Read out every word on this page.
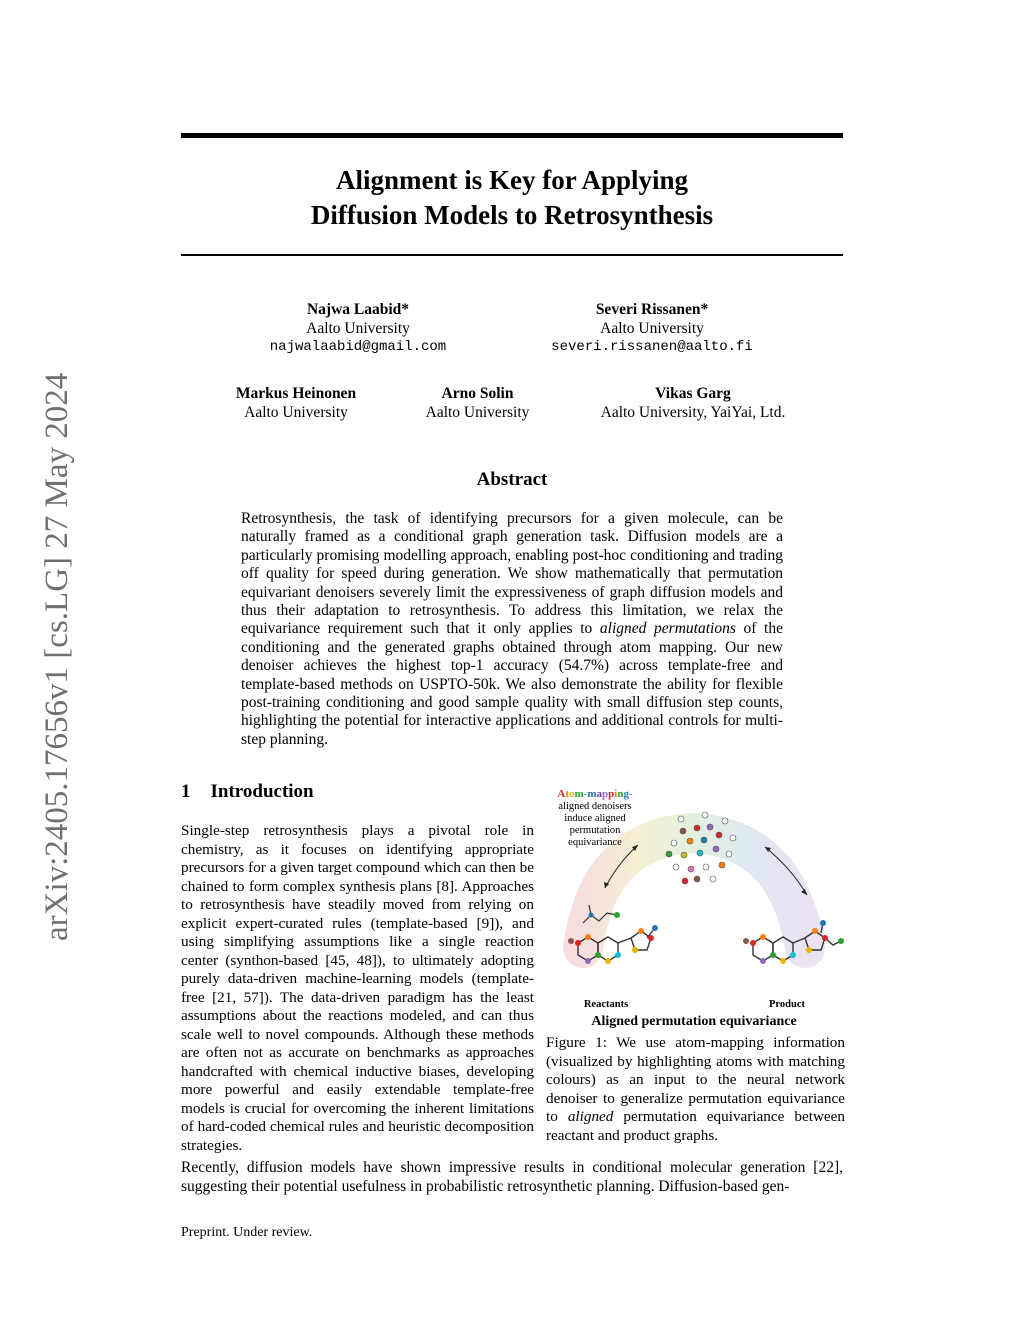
arXiv:2405.17656v1 [cs.LG] 27 May 2024
Alignment is Key for Applying
Diffusion Models to Retrosynthesis
Najwa Laabid*
Aalto University
najwalaabid@gmail.com
Severi Rissanen*
Aalto University
severi.rissanen@aalto.fi
Markus Heinonen
Aalto University
Arno Solin
Aalto University
Vikas Garg
Aalto University, YaiYai, Ltd.
Abstract
Retrosynthesis, the task of identifying precursors for a given molecule, can be naturally framed as a conditional graph generation task. Diffusion models are a particularly promising modelling approach, enabling post-hoc conditioning and trading off quality for speed during generation. We show mathematically that permutation equivariant denoisers severely limit the expressiveness of graph diffusion models and thus their adaptation to retrosynthesis. To address this limitation, we relax the equivariance requirement such that it only applies to aligned permutations of the conditioning and the generated graphs obtained through atom mapping. Our new denoiser achieves the highest top-1 accuracy (54.7%) across template-free and template-based methods on USPTO-50k. We also demonstrate the ability for flexible post-training conditioning and good sample quality with small diffusion step counts, highlighting the potential for interactive applications and additional controls for multi-step planning.
1 Introduction
Single-step retrosynthesis plays a pivotal role in chemistry, as it focuses on identifying appropriate precursors for a given target compound which can then be chained to form complex synthesis plans [8]. Approaches to retrosynthesis have steadily moved from relying on explicit expert-curated rules (template-based [9]), and using simplifying assumptions like a single reaction center (synthon-based [45, 48]), to ultimately adopting purely data-driven machine-learning models (template-free [21, 57]). The data-driven paradigm has the least assumptions about the reactions modeled, and can thus scale well to novel compounds. Although these methods are often not as accurate on benchmarks as approaches handcrafted with chemical inductive biases, developing more powerful and easily extendable template-free models is crucial for overcoming the inherent limitations of hard-coded chemical rules and heuristic decomposition strategies.
Atom-mapping-
aligned denoisers
induce aligned
permutation
equivariance
Reactants	Product
Aligned permutation equivariance
Figure 1: We use atom-mapping information (visualized by highlighting atoms with matching colours) as an input to the neural network denoiser to generalize permutation equivariance to aligned permutation equivariance between reactant and product graphs.
Recently, diffusion models have shown impressive results in conditional molecular generation [22], suggesting their potential usefulness in probabilistic retrosynthetic planning. Diffusion-based gen-
Preprint. Under review.
